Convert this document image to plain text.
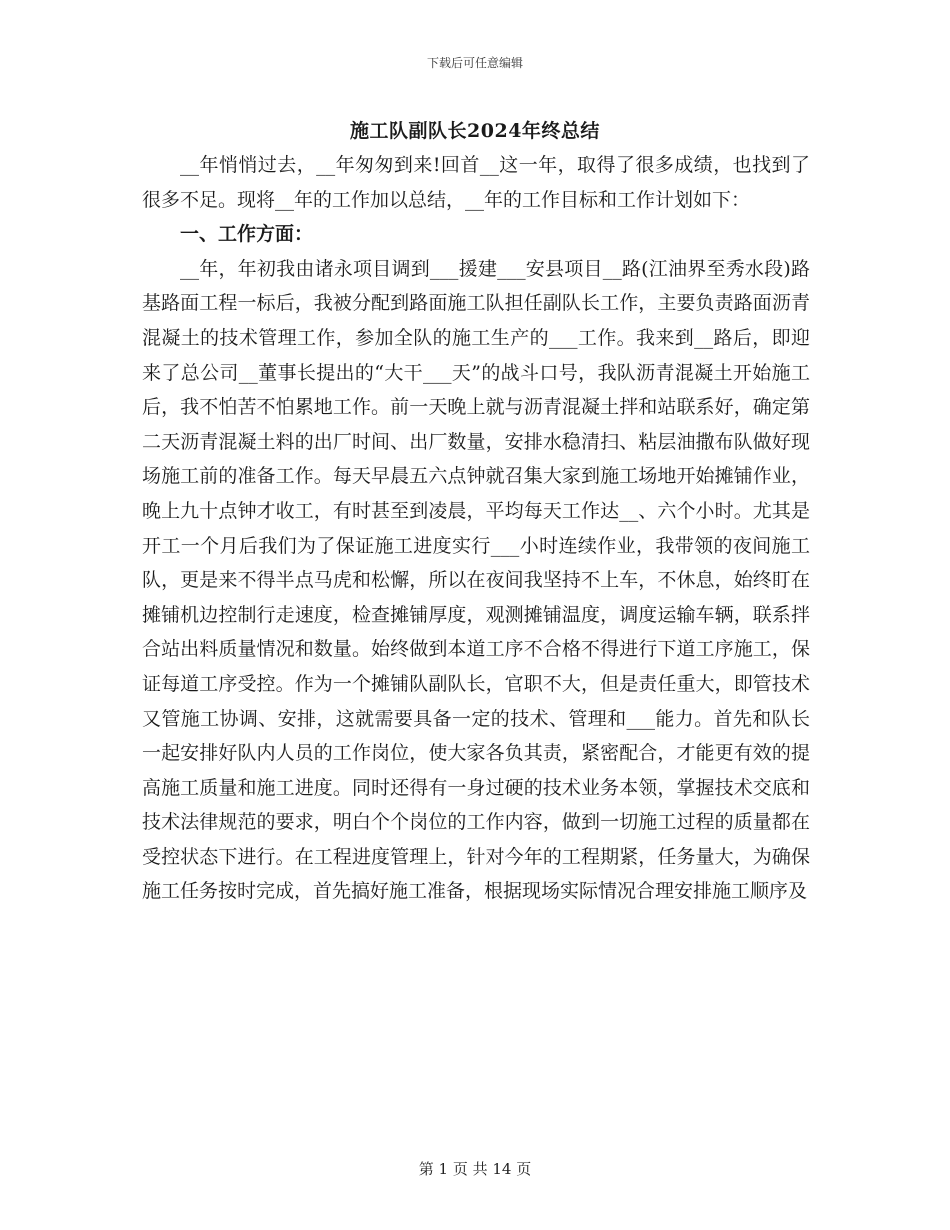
下载后可任意编辑
施工队副队长2024年终总结

__年悄悄过去，__年匆匆到来!回首__这一年，取得了很多成绩，也找到了很多不足。现将__年的工作加以总结，__年的工作目标和工作计划如下：

一、工作方面：

__年，年初我由诸永项目调到___援建___安县项目__路(江油界至秀水段)路基路面工程一标后，我被分配到路面施工队担任副队长工作，主要负责路面沥青混凝土的技术管理工作，参加全队的施工生产的___工作。我来到__路后，即迎来了总公司__董事长提出的“大干___天”的战斗口号，我队沥青混凝土开始施工后，我不怕苦不怕累地工作。前一天晚上就与沥青混凝土拌和站联系好，确定第二天沥青混凝土料的出厂时间、出厂数量，安排水稳清扫、粘层油撒布队做好现场施工前的准备工作。每天早晨五六点钟就召集大家到施工场地开始摊铺作业，晚上九十点钟才收工，有时甚至到凌晨，平均每天工作达__、六个小时。尤其是开工一个月后我们为了保证施工进度实行___小时连续作业，我带领的夜间施工队，更是来不得半点马虎和松懈，所以在夜间我坚持不上车，不休息，始终盯在摊铺机边控制行走速度，检查摊铺厚度，观测摊铺温度，调度运输车辆，联系拌合站出料质量情况和数量。始终做到本道工序不合格不得进行下道工序施工，保证每道工序受控。作为一个摊铺队副队长，官职不大，但是责任重大，即管技术又管施工协调、安排，这就需要具备一定的技术、管理和___能力。首先和队长一起安排好队内人员的工作岗位，使大家各负其责，紧密配合，才能更有效的提高施工质量和施工进度。同时还得有一身过硬的技术业务本领，掌握技术交底和技术法律规范的要求，明白个个岗位的工作内容，做到一切施工过程的质量都在受控状态下进行。在工程进度管理上，针对今年的工程期紧，任务量大，为确保施工任务按时完成，首先搞好施工准备，根据现场实际情况合理安排施工顺序及

第 1 页 共 14 页
